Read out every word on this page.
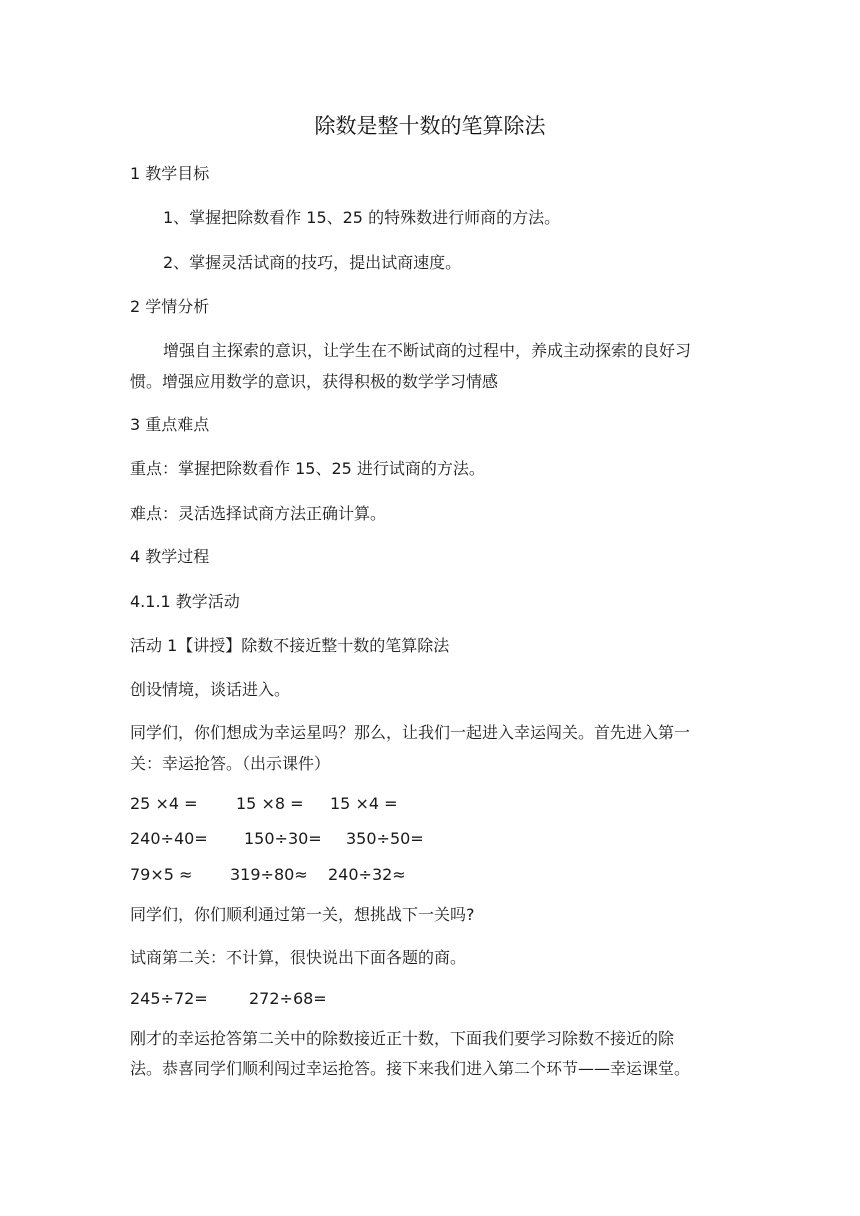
除数是整十数的笔算除法
1 教学目标
1、掌握把除数看作 15、25 的特殊数进行师商的方法。
2、掌握灵活试商的技巧，提出试商速度。
2 学情分析
增强自主探索的意识，让学生在不断试商的过程中，养成主动探索的良好习
惯。增强应用数学的意识，获得积极的数学学习情感
3 重点难点
重点：掌握把除数看作 15、25 进行试商的方法。
难点：灵活选择试商方法正确计算。
4 教学过程
4.1.1 教学活动
活动 1【讲授】除数不接近整十数的笔算除法
创设情境，谈话进入。
同学们，你们想成为幸运星吗？那么，让我们一起进入幸运闯关。首先进入第一
关：幸运抢答。（出示课件）
25 ×4 = 15 ×8 = 15 ×4 =
240÷40= 150÷30= 350÷50=
79×5 ≈ 319÷80≈ 240÷32≈
同学们，你们顺利通过第一关，想挑战下一关吗?
试商第二关：不计算，很快说出下面各题的商。
245÷72=	272÷68=
刚才的幸运抢答第二关中的除数接近正十数，下面我们要学习除数不接近的除
法。恭喜同学们顺利闯过幸运抢答。接下来我们进入第二个环节——幸运课堂。
